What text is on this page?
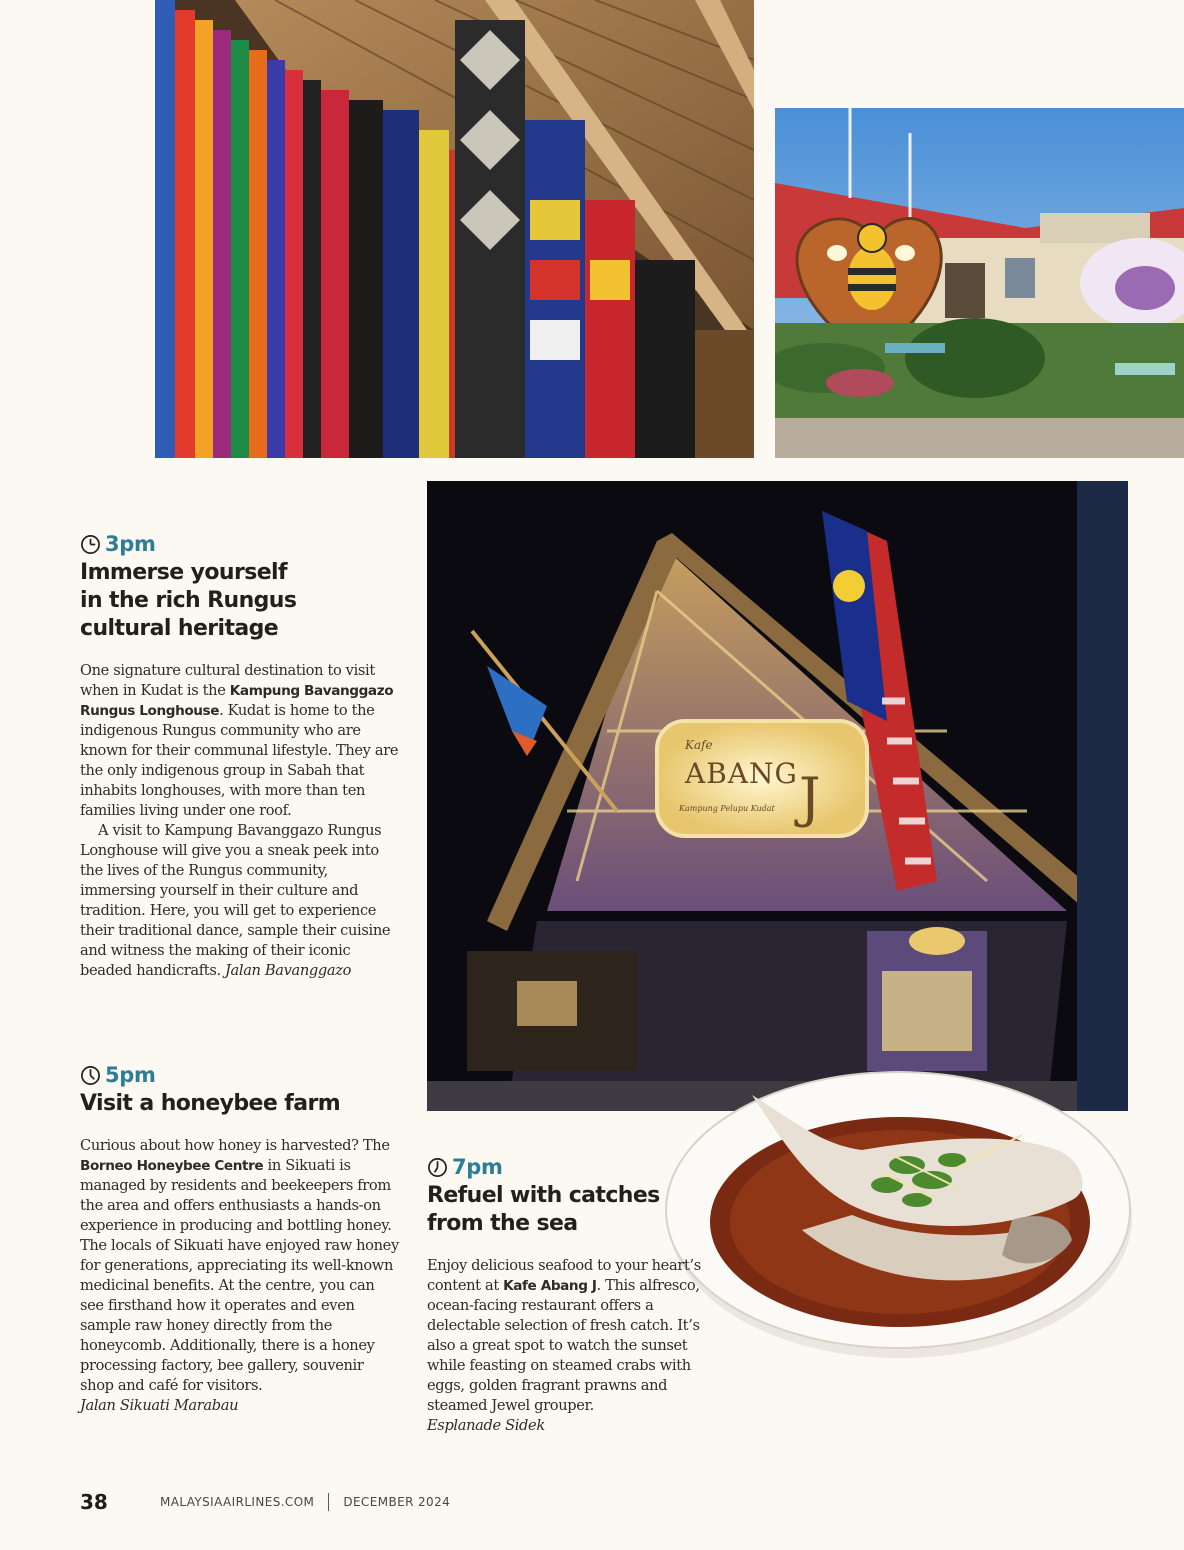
Kafe
ABANG J
Kampung Pelupu Kudat
3pm
Immerse yourself
in the rich Rungus
cultural heritage

One signature cultural destination to visit when in Kudat is the Kampung Bavanggazo Rungus Longhouse. Kudat is home to the indigenous Rungus community who are known for their communal lifestyle. They are the only indigenous group in Sabah that inhabits longhouses, with more than ten families living under one roof.

A visit to Kampung Bavanggazo Rungus Longhouse will give you a sneak peek into the lives of the Rungus community, immersing yourself in their culture and tradition. Here, you will get to experience their traditional dance, sample their cuisine and witness the making of their iconic beaded handicrafts. Jalan Bavanggazo

5pm
Visit a honeybee farm

Curious about how honey is harvested? The Borneo Honeybee Centre in Sikuati is managed by residents and beekeepers from the area and offers enthusiasts a hands-on experience in producing and bottling honey. The locals of Sikuati have enjoyed raw honey for generations, appreciating its well-known medicinal benefits. At the centre, you can see firsthand how it operates and even sample raw honey directly from the honeycomb. Additionally, there is a honey processing factory, bee gallery, souvenir shop and café for visitors.
Jalan Sikuati Marabau

7pm
Refuel with catches
from the sea

Enjoy delicious seafood to your heart’s content at Kafe Abang J. This alfresco, ocean-facing restaurant offers a delectable selection of fresh catch. It’s also a great spot to watch the sunset while feasting on steamed crabs with eggs, golden fragrant prawns and steamed Jewel grouper.
Esplanade Sidek

38	MALAYSIAAIRLINES.COM DECEMBER 2024
